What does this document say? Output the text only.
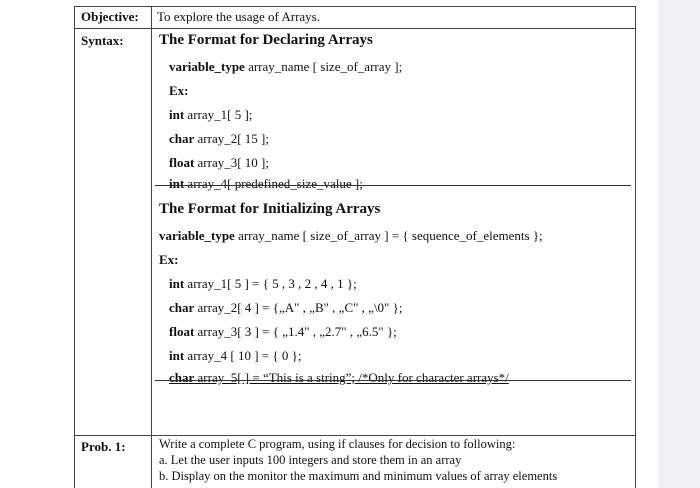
Objective: To explore the usage of Arrays.
Syntax: The Format for Declaring Arrays
variable_type array_name [ size_of_array ];
Ex:
int array_1[ 5 ];
char array_2[ 15 ];
float array_3[ 10 ];
int array_4[ predefined_size_value ];
The Format for Initializing Arrays
variable_type array_name [ size_of_array ] = { sequence_of_elements };
Ex:
int array_1[ 5 ] = { 5 , 3 , 2 , 4 , 1 };
char array_2[ 4 ] = {„A" , „B" , „C" , „\0" };
float array_3[ 3 ] = { „1.4" , „2.7" , „6.5" };
int array_4 [ 10 ] = { 0 };
char array_5[ ] = “This is a string”; /*Only for character arrays*/
Prob. 1:	Write a complete C program, using if clauses for decision to following:
a. Let the user inputs 100 integers and store them in an array
b. Display on the monitor the maximum and minimum values of array elements
